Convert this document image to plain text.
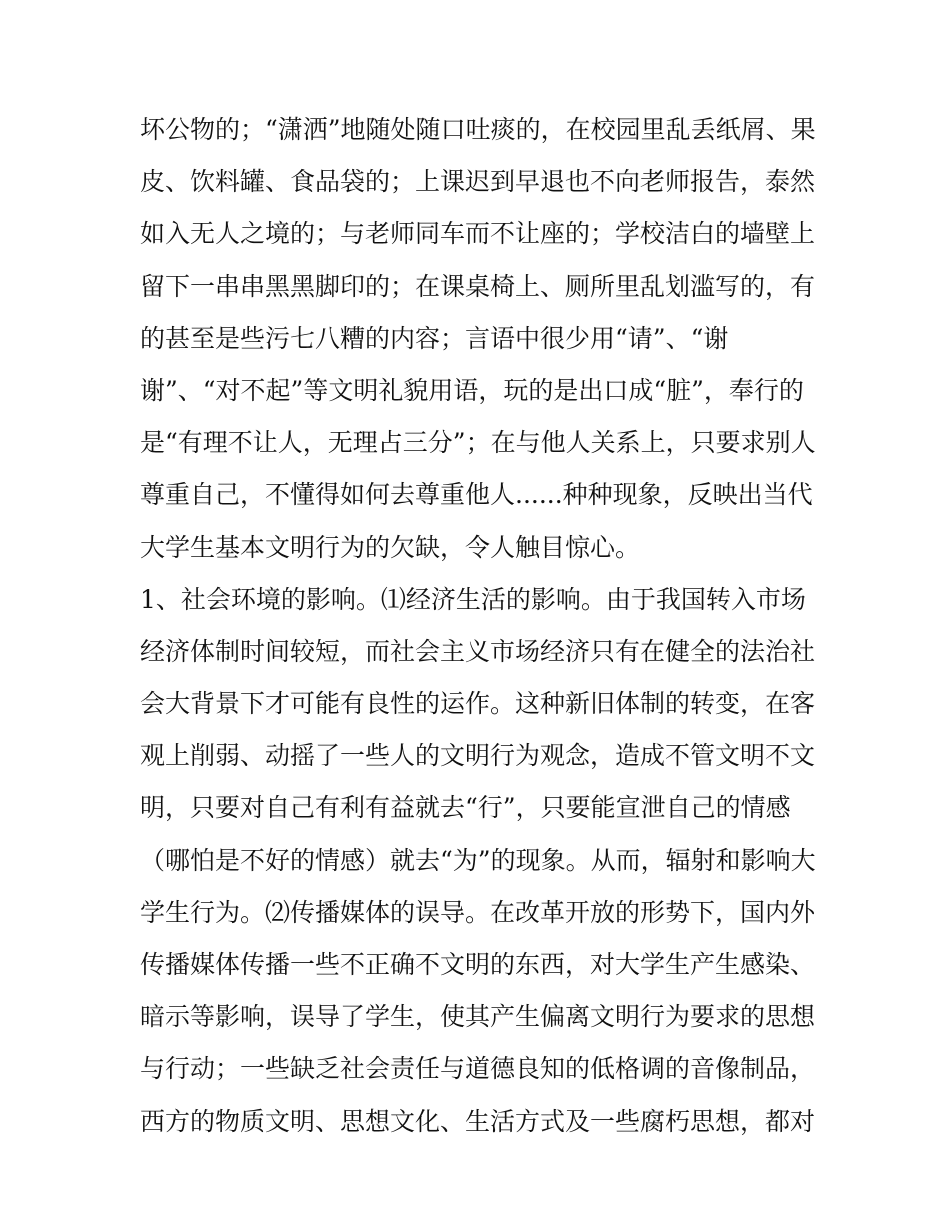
坏公物的；“潇洒”地随处随口吐痰的，在校园里乱丢纸屑、果
皮、饮料罐、食品袋的；上课迟到早退也不向老师报告，泰然
如入无人之境的；与老师同车而不让座的；学校洁白的墙壁上
留下一串串黑黑脚印的；在课桌椅上、厕所里乱划滥写的，有
的甚至是些污七八糟的内容；言语中很少用“请”、“谢
谢”、“对不起”等文明礼貌用语，玩的是出口成“脏”，奉行的
是“有理不让人，无理占三分”；在与他人关系上，只要求别人
尊重自己，不懂得如何去尊重他人......种种现象，反映出当代
大学生基本文明行为的欠缺，令人触目惊心。
1、社会环境的影响。⑴经济生活的影响。由于我国转入市场
经济体制时间较短，而社会主义市场经济只有在健全的法治社
会大背景下才可能有良性的运作。这种新旧体制的转变，在客
观上削弱、动摇了一些人的文明行为观念，造成不管文明不文
明，只要对自己有利有益就去“行”，只要能宣泄自己的情感
（哪怕是不好的情感）就去“为”的现象。从而，辐射和影响大
学生行为。⑵传播媒体的误导。在改革开放的形势下，国内外
传播媒体传播一些不正确不文明的东西，对大学生产生感染、
暗示等影响，误导了学生，使其产生偏离文明行为要求的思想
与行动；一些缺乏社会责任与道德良知的低格调的音像制品，
西方的物质文明、思想文化、生活方式及一些腐朽思想，都对
